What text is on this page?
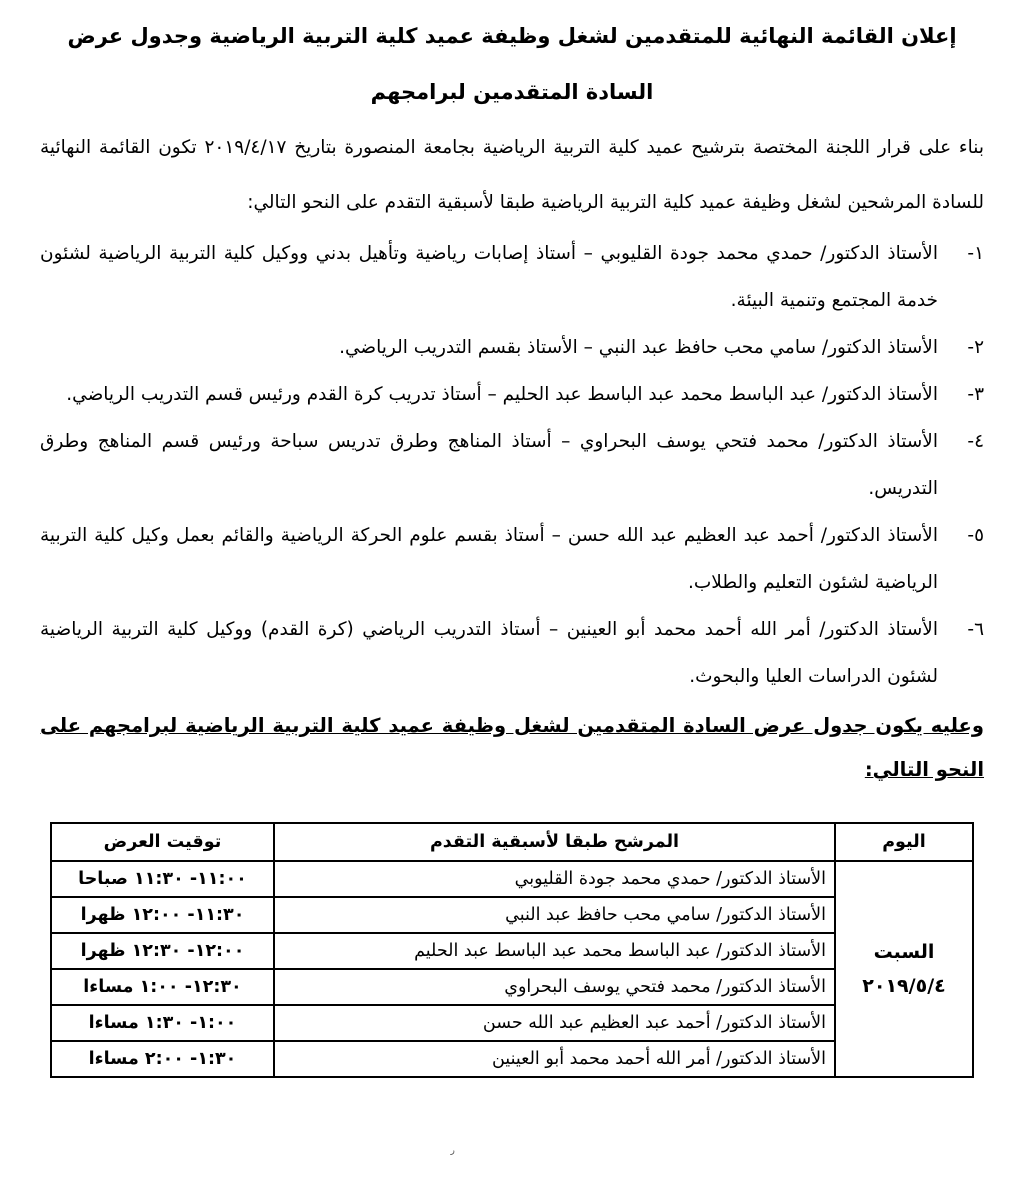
إعلان القائمة النهائية للمتقدمين لشغل وظيفة عميد كلية التربية الرياضية وجدول عرض السادة المتقدمين لبرامجهم

بناء على قرار اللجنة المختصة بترشيح عميد كلية التربية الرياضية بجامعة المنصورة بتاريخ ٢٠١٩/٤/١٧ تكون القائمة النهائية للسادة المرشحين لشغل وظيفة عميد كلية التربية الرياضية طبقا لأسبقية التقدم على النحو التالي:

١-
الأستاذ الدكتور/ حمدي محمد جودة القليوبي – أستاذ إصابات رياضية وتأهيل بدني ووكيل كلية التربية الرياضية لشئون خدمة المجتمع وتنمية البيئة.
٢-
الأستاذ الدكتور/ سامي محب حافظ عبد النبي – الأستاذ بقسم التدريب الرياضي.
٣-
الأستاذ الدكتور/ عبد الباسط محمد عبد الباسط عبد الحليم – أستاذ تدريب كرة القدم ورئيس قسم التدريب الرياضي.
٤-
الأستاذ الدكتور/ محمد فتحي يوسف البحراوي – أستاذ المناهج وطرق تدريس سباحة ورئيس قسم المناهج وطرق التدريس.
٥-
الأستاذ الدكتور/ أحمد عبد العظيم عبد الله حسن – أستاذ بقسم علوم الحركة الرياضية والقائم بعمل وكيل كلية التربية الرياضية لشئون التعليم والطلاب.
٦-
الأستاذ الدكتور/ أمر الله أحمد محمد أبو العينين – أستاذ التدريب الرياضي (كرة القدم) ووكيل كلية التربية الرياضية لشئون الدراسات العليا والبحوث.

وعليه يكون جدول عرض السادة المتقدمين لشغل وظيفة عميد كلية التربية الرياضية لبرامجهم على النحو التالي:

اليوم	المرشح طبقا لأسبقية التقدم	توقيت العرض

السبت
٢٠١٩/٥/٤	الأستاذ الدكتور/ حمدي محمد جودة القليوبي	١١:٠٠- ١١:٣٠ صباحا
	الأستاذ الدكتور/ سامي محب حافظ عبد النبي	١١:٣٠- ١٢:٠٠ ظهرا
	الأستاذ الدكتور/ عبد الباسط محمد عبد الباسط عبد الحليم	١٢:٠٠- ١٢:٣٠ ظهرا
	الأستاذ الدكتور/ محمد فتحي يوسف البحراوي	١٢:٣٠- ١:٠٠ مساءا
	الأستاذ الدكتور/ أحمد عبد العظيم عبد الله حسن	١:٠٠- ١:٣٠ مساءا
	الأستاذ الدكتور/ أمر الله أحمد محمد أبو العينين	١:٣٠- ٢:٠٠ مساءا
ر
